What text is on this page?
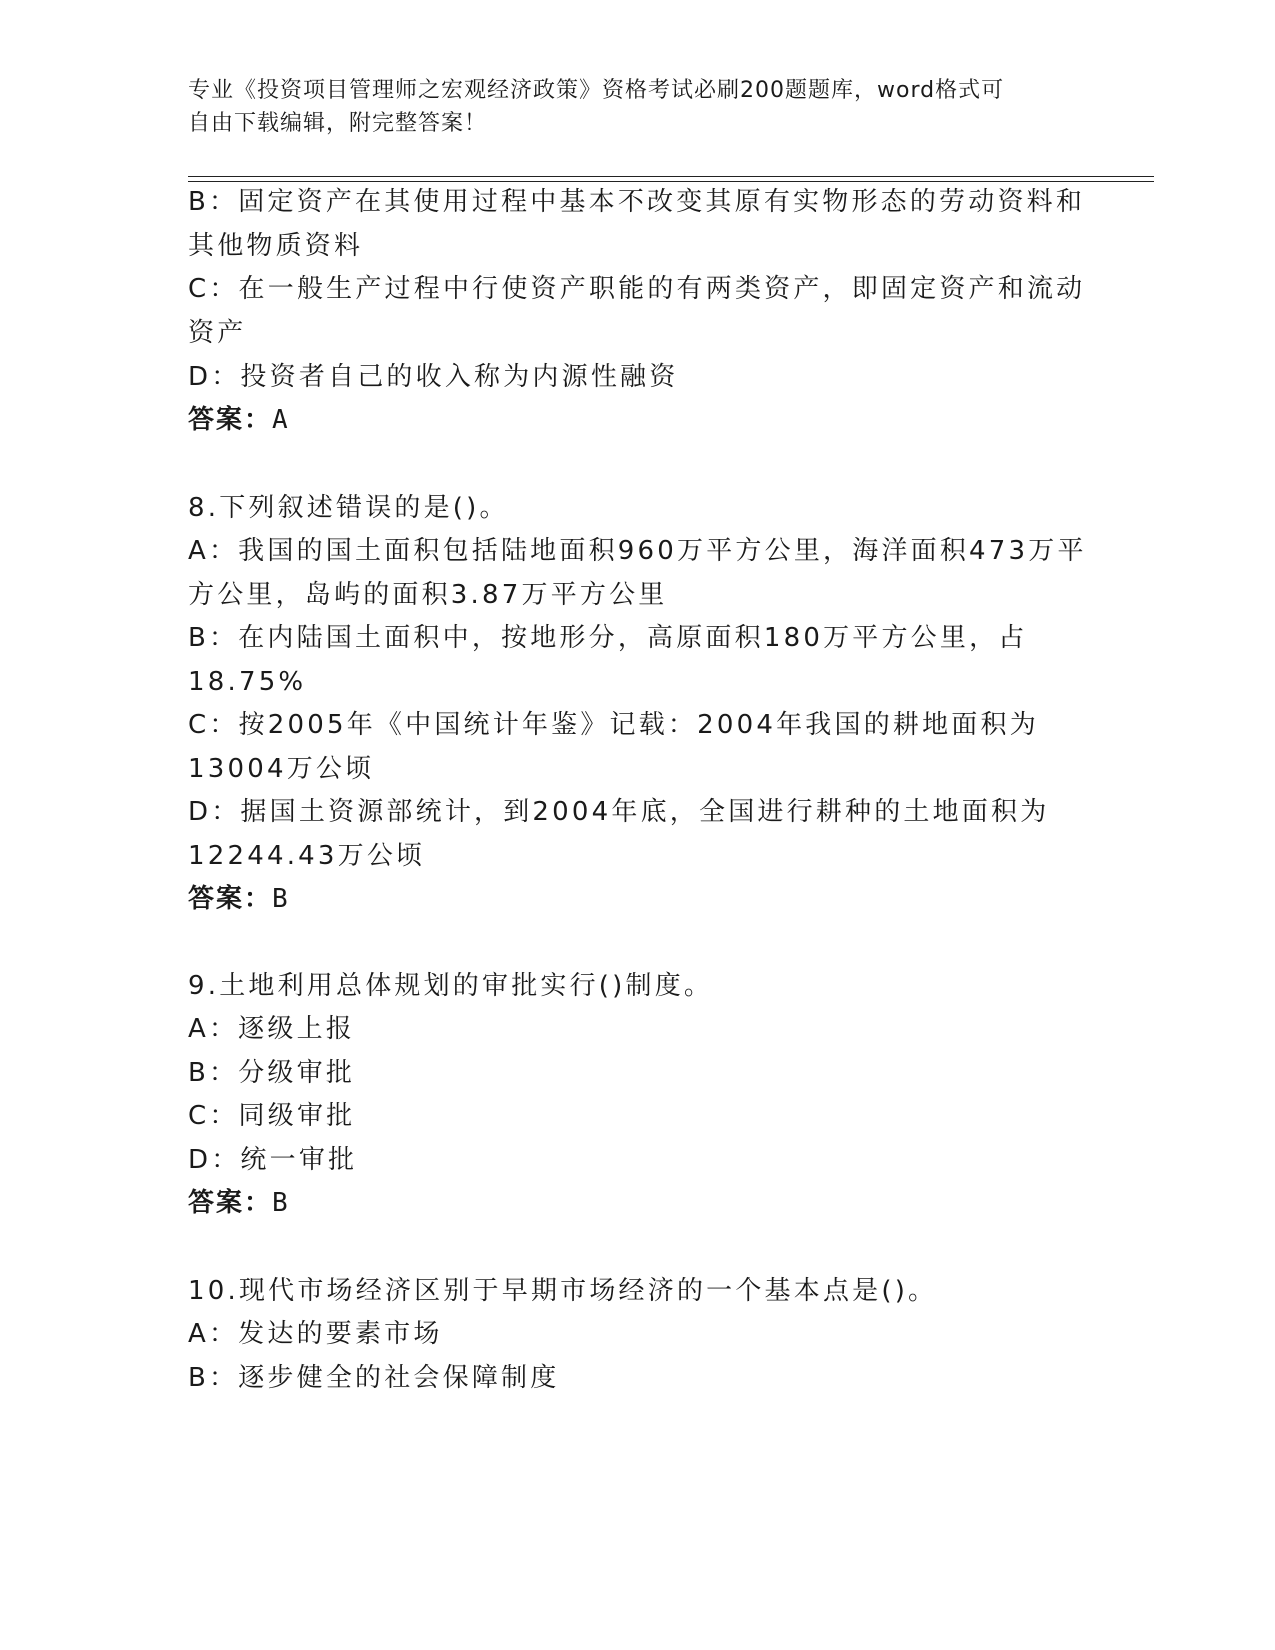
专业《投资项目管理师之宏观经济政策》资格考试必刷200题题库，word格式可
自由下载编辑，附完整答案！
B：固定资产在其使用过程中基本不改变其原有实物形态的劳动资料和
其他物质资料
C：在一般生产过程中行使资产职能的有两类资产，即固定资产和流动
资产
D：投资者自己的收入称为内源性融资
答案：A
8.下列叙述错误的是()。
A：我国的国土面积包括陆地面积960万平方公里，海洋面积473万平
方公里，岛屿的面积3.87万平方公里
B：在内陆国土面积中，按地形分，高原面积180万平方公里，占
18.75%
C：按2005年《中国统计年鉴》记载：2004年我国的耕地面积为
13004万公顷
D：据国土资源部统计，到2004年底，全国进行耕种的土地面积为
12244.43万公顷
答案：B
9.土地利用总体规划的审批实行()制度。
A：逐级上报
B：分级审批
C：同级审批
D：统一审批
答案：B
10.现代市场经济区别于早期市场经济的一个基本点是()。
A：发达的要素市场
B：逐步健全的社会保障制度
